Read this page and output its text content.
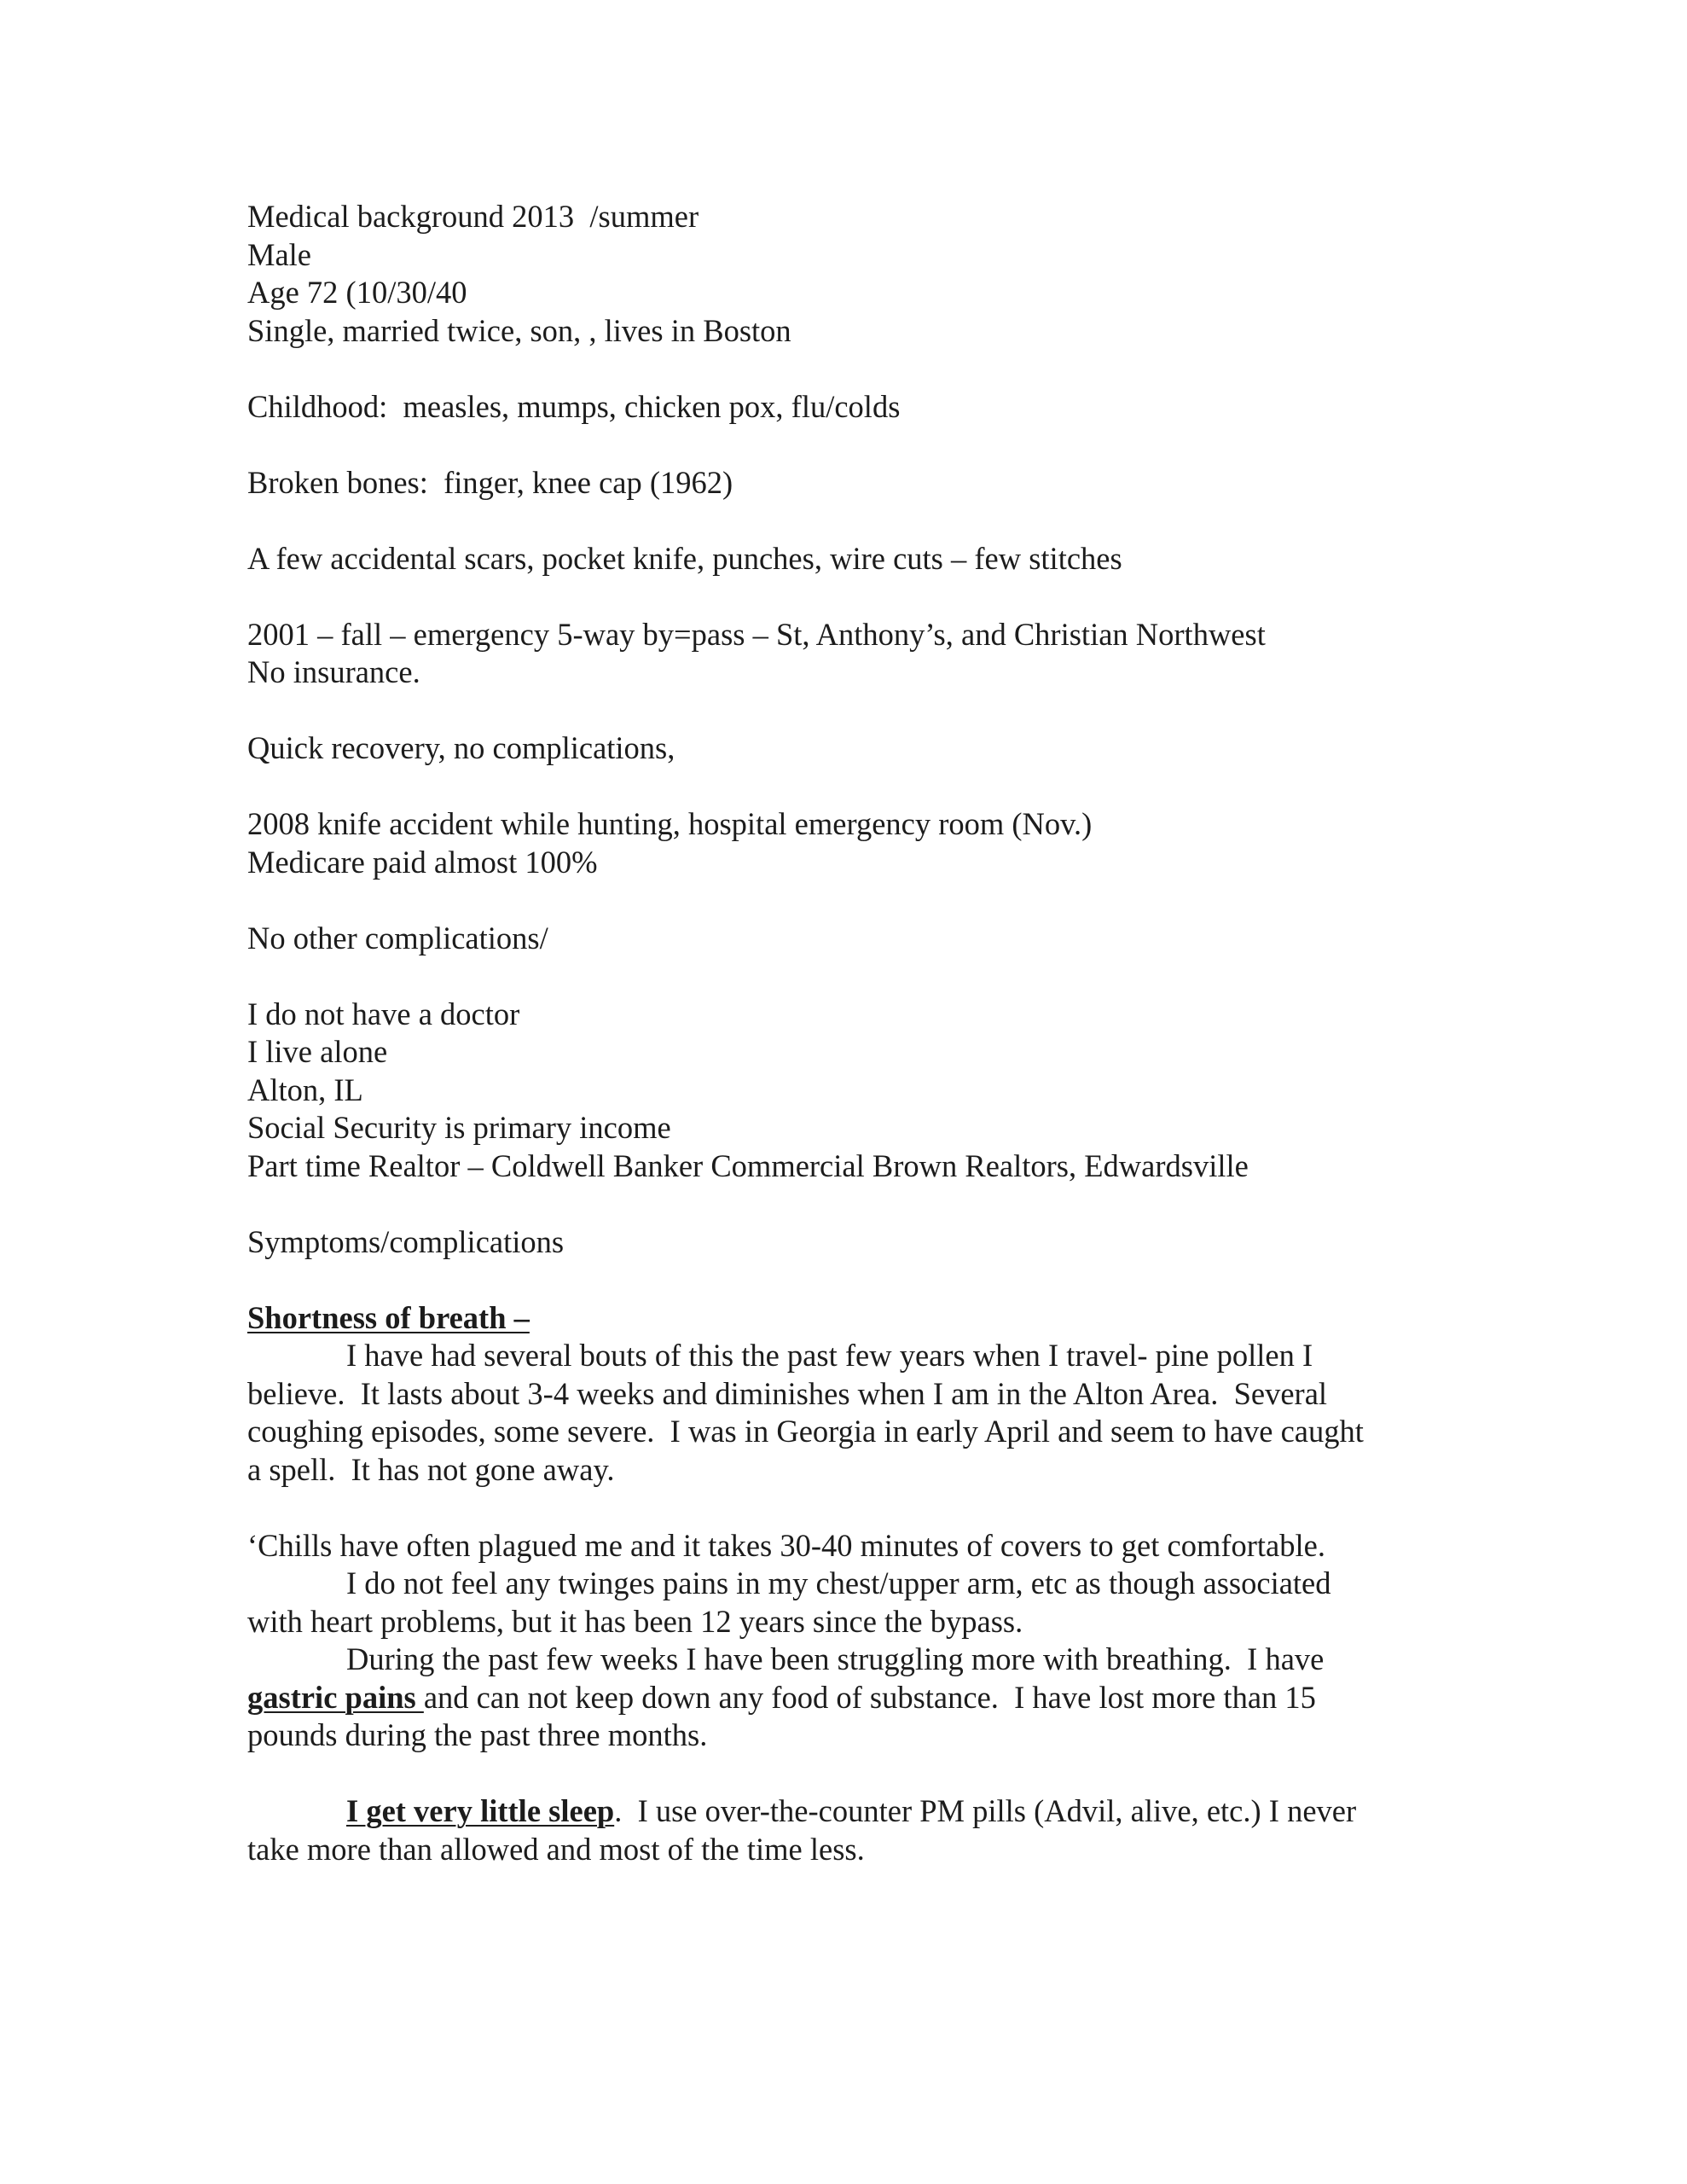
Medical background 2013  /summer
Male
Age 72 (10/30/40
Single, married twice, son, , lives in Boston
Childhood:  measles, mumps, chicken pox, flu/colds
Broken bones:  finger, knee cap (1962)
A few accidental scars, pocket knife, punches, wire cuts – few stitches
2001 – fall – emergency 5-way by=pass – St, Anthony’s, and Christian Northwest
No insurance.
Quick recovery, no complications,
2008 knife accident while hunting, hospital emergency room (Nov.)
Medicare paid almost 100%
No other complications/
I do not have a doctor
I live alone
Alton, IL
Social Security is primary income
Part time Realtor – Coldwell Banker Commercial Brown Realtors, Edwardsville
Symptoms/complications
Shortness of breath –
I have had several bouts of this the past few years when I travel- pine pollen I
believe.  It lasts about 3-4 weeks and diminishes when I am in the Alton Area.  Several
coughing episodes, some severe.  I was in Georgia in early April and seem to have caught
a spell.  It has not gone away.
‘Chills have often plagued me and it takes 30-40 minutes of covers to get comfortable.
I do not feel any twinges pains in my chest/upper arm, etc as though associated
with heart problems, but it has been 12 years since the bypass.
During the past few weeks I have been struggling more with breathing.  I have
gastric pains and can not keep down any food of substance.  I have lost more than 15
pounds during the past three months.
I get very little sleep.  I use over-the-counter PM pills (Advil, alive, etc.) I never
take more than allowed and most of the time less.
